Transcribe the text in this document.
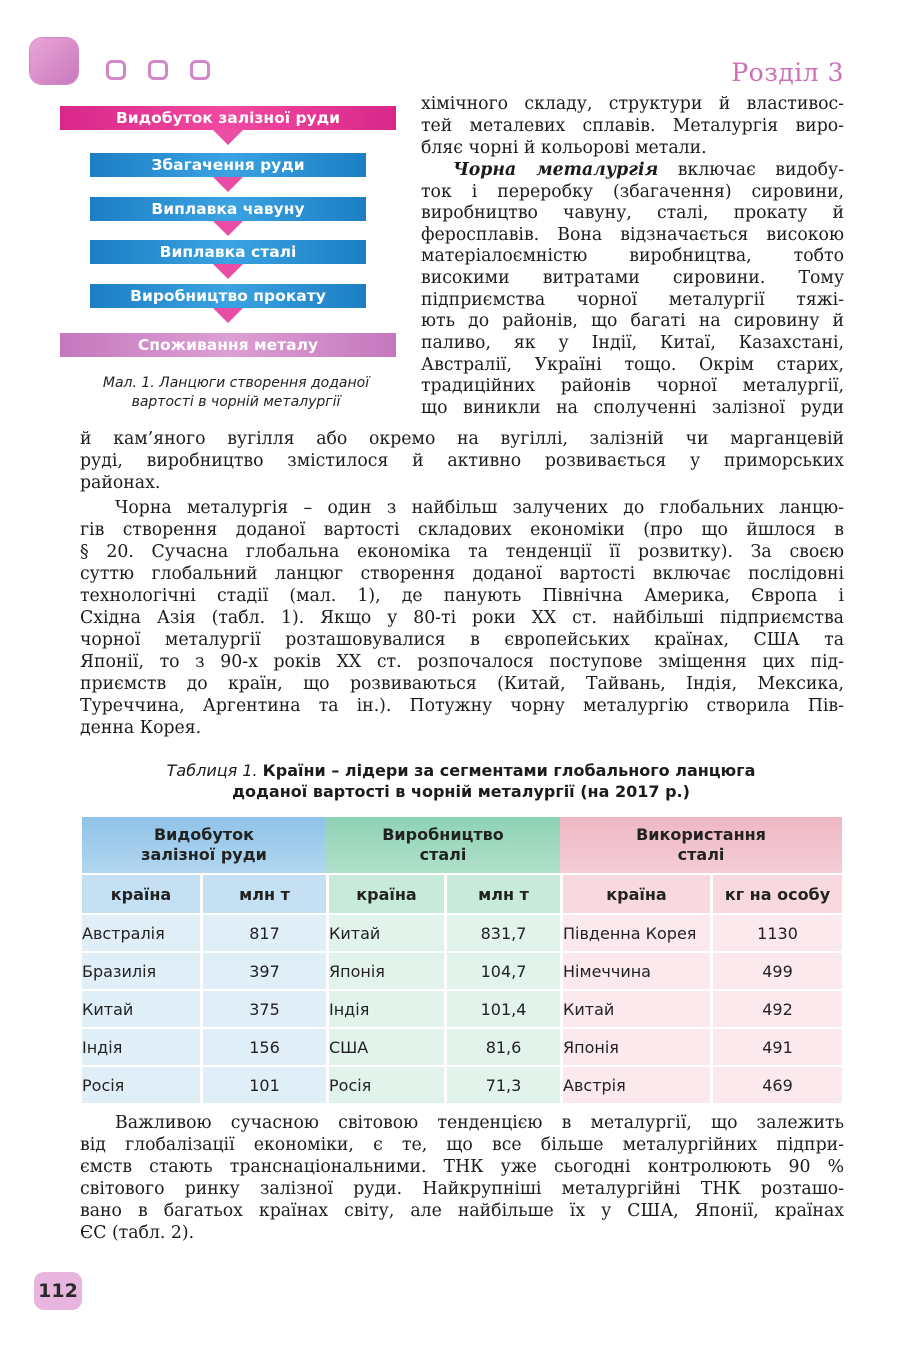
Розділ 3
Видобуток залізної руди
Збагачення руди
Виплавка чавуну
Виплавка сталі
Виробництво прокату
Споживання металу
Мал. 1. Ланцюги створення доданої
вартості в чорній металургії
хімічного складу, структури й властивос-
тей металевих сплавів. Металургія виро-
бляє чорні й кольорові метали.
Чорна металургія включає видобу-
ток і переробку (збагачення) сировини,
виробництво чавуну, сталі, прокату й
феросплавів. Вона відзначається високою
матеріалоємністю виробництва, тобто
високими витратами сировини. Тому
підприємства чорної металургії тяжі-
ють до районів, що багаті на сировину й
паливо, як у Індії, Китаї, Казахстані,
Австралії, Україні тощо. Окрім старих,
традиційних районів чорної металургії,
що виникли на сполученні залізної руди
й кам’яного вугілля або окремо на вугіллі, залізній чи марганцевій
руді, виробництво змістилося й активно розвивається у приморських
районах.
Чорна металургія – один з найбільш залучених до глобальних ланцю-
гів створення доданої вартості складових економіки (про що йшлося в
§ 20. Сучасна глобальна економіка та тенденції її розвитку). За своєю
суттю глобальний ланцюг створення доданої вартості включає послідовні
технологічні стадії (мал. 1), де панують Північна Америка, Європа і
Східна Азія (табл. 1). Якщо у 80-ті роки XX ст. найбільші підприємства
чорної металургії розташовувалися в європейських країнах, США та
Японії, то з 90-х років XX ст. розпочалося поступове зміщення цих під-
приємств до країн, що розвиваються (Китай, Тайвань, Індія, Мексика,
Туреччина, Аргентина та ін.). Потужну чорну металургію створила Пів-
денна Корея.
Таблиця 1. Країни – лідери за сегментами глобального ланцюга
доданої вартості в чорній металургії (на 2017 р.)
Видобуток
залізної руди		Виробництво
сталі		Використання
сталі	
країна	млн т	країна	млн т	країна	кг на особу
Австралія	817	Китай	831,7	Південна Корея	1130
Бразилія	397	Японія	104,7	Німеччина	499
Китай	375	Індія	101,4	Китай	492
Індія	156	США	81,6	Японія	491
Росія	101	Росія	71,3	Австрія	469
Важливою сучасною світовою тенденцією в металургії, що залежить
від глобалізації економіки, є те, що все більше металургійних підпри-
ємств стають транснаціональними. ТНК уже сьогодні контролюють 90 %
світового ринку залізної руди. Найкрупніші металургійні ТНК розташо-
вано в багатьох країнах світу, але найбільше їх у США, Японії, країнах
ЄС (табл. 2).
112
